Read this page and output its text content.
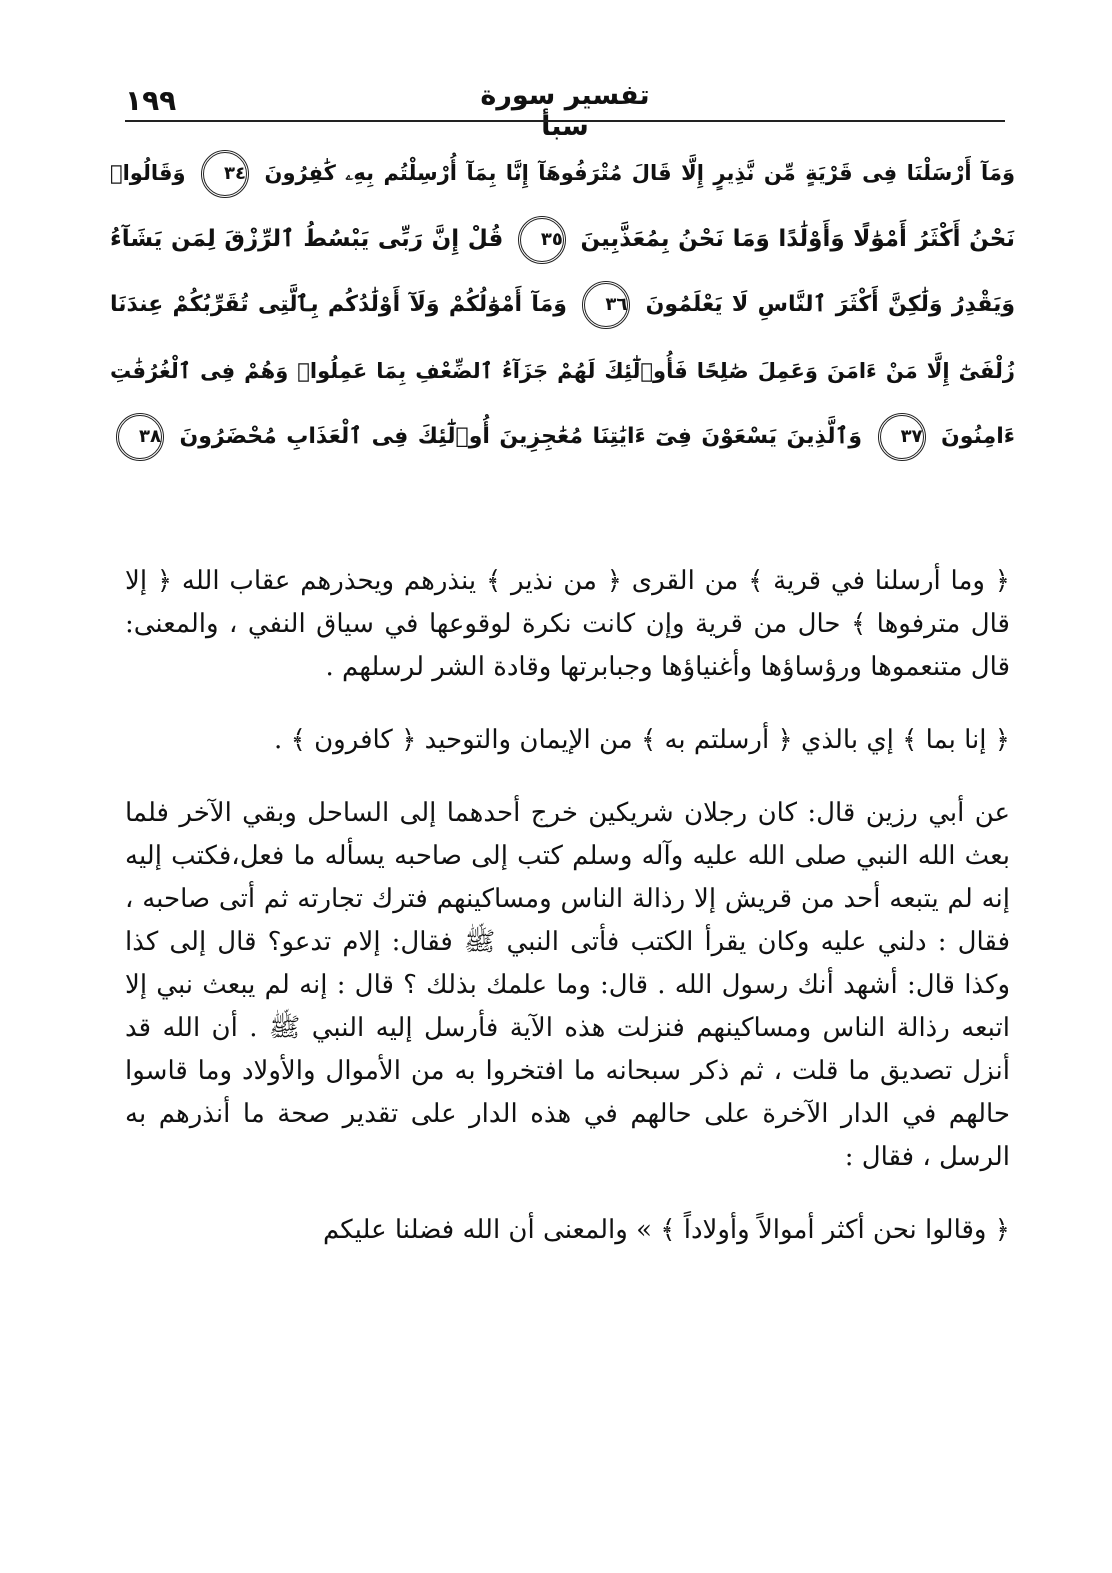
١٩٩	تفسير سورة سبأ
وَمَآ أَرْسَلْنَا فِى قَرْيَةٍ مِّن نَّذِيرٍ إِلَّا قَالَ مُتْرَفُوهَآ إِنَّا بِمَآ أُرْسِلْتُم بِهِۦ كَٰفِرُونَ ٣٤ وَقَالُوا۟
نَحْنُ أَكْثَرُ أَمْوَٰلًا وَأَوْلَٰدًا وَمَا نَحْنُ بِمُعَذَّبِينَ ٣٥ قُلْ إِنَّ رَبِّى يَبْسُطُ ٱلرِّزْقَ لِمَن يَشَآءُ
وَيَقْدِرُ وَلَٰكِنَّ أَكْثَرَ ٱلنَّاسِ لَا يَعْلَمُونَ ٣٦ وَمَآ أَمْوَٰلُكُمْ وَلَآ أَوْلَٰدُكُم بِٱلَّتِى تُقَرِّبُكُمْ عِندَنَا
زُلْفَىٰٓ إِلَّا مَنْ ءَامَنَ وَعَمِلَ صَٰلِحًا فَأُو۟لَٰٓئِكَ لَهُمْ جَزَآءُ ٱلضِّعْفِ بِمَا عَمِلُوا۟ وَهُمْ فِى ٱلْغُرُفَٰتِ
ءَامِنُونَ ٣٧ وَٱلَّذِينَ يَسْعَوْنَ فِىٓ ءَايَٰتِنَا مُعَٰجِزِينَ أُو۟لَٰٓئِكَ فِى ٱلْعَذَابِ مُحْضَرُونَ ٣٨

﴿ وما أرسلنا في قرية ﴾ من القرى ﴿ من نذير ﴾ ينذرهم ويحذرهم عقاب الله ﴿ إلا قال مترفوها ﴾ حال من قرية وإن كانت نكرة لوقوعها في سياق النفي ، والمعنى: قال متنعموها ورؤساؤها وأغنياؤها وجبابرتها وقادة الشر لرسلهم .

﴿ إنا بما ﴾ إي بالذي ﴿ أرسلتم به ﴾ من الإيمان والتوحيد ﴿ كافرون ﴾ .

عن أبي رزين قال: كان رجلان شريكين خرج أحدهما إلى الساحل وبقي الآخر فلما بعث الله النبي صلى الله عليه وآله وسلم كتب إلى صاحبه يسأله ما فعل،فكتب إليه إنه لم يتبعه أحد من قريش إلا رذالة الناس ومساكينهم فترك تجارته ثم أتى صاحبه ، فقال : دلني عليه وكان يقرأ الكتب فأتى النبي ﷺ فقال: إلام تدعو؟ قال إلى كذا وكذا قال: أشهد أنك رسول الله . قال: وما علمك بذلك ؟ قال : إنه لم يبعث نبي إلا اتبعه رذالة الناس ومساكينهم فنزلت هذه الآية فأرسل إليه النبي ﷺ . أن الله قد أنزل تصديق ما قلت ، ثم ذكر سبحانه ما افتخروا به من الأموال والأولاد وما قاسوا حالهم في الدار الآخرة على حالهم في هذه الدار على تقدير صحة ما أنذرهم به الرسل ، فقال :

﴿ وقالوا نحن أكثر أموالاً وأولاداً ﴾ » والمعنى أن الله فضلنا عليكم
